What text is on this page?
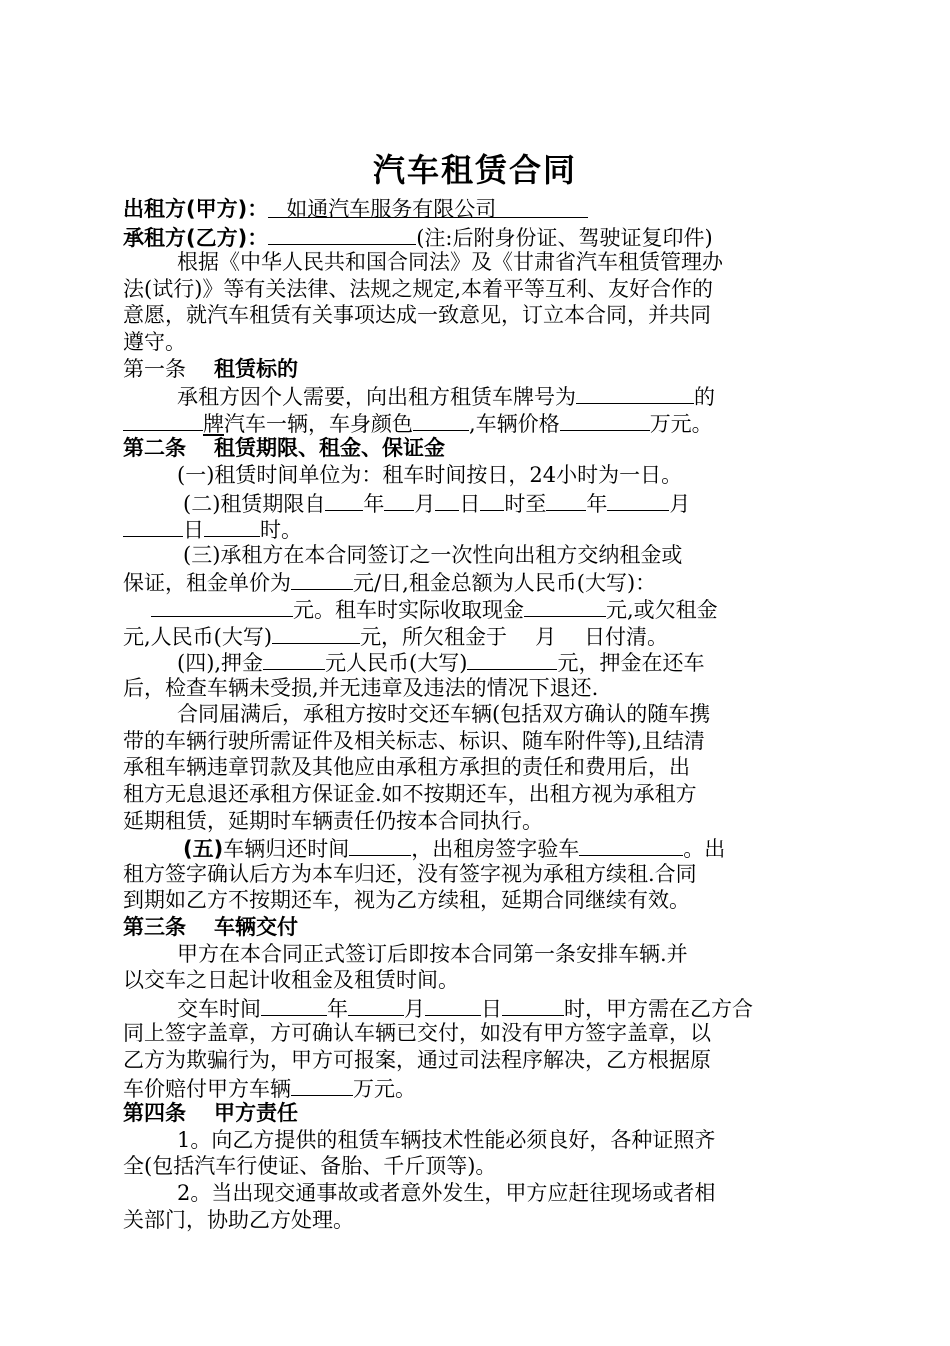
汽车租赁合同
出租方(甲方)： 如通汽车服务有限公司
承租方(乙方)：	(注:后附身份证、驾驶证复印件)
根据《中华人民共和国合同法》及《甘肃省汽车租赁管理办
法(试行)》等有关法律、法规之规定,本着平等互利、友好合作的
意愿，就汽车租赁有关事项达成一致意见，订立本合同，并共同
遵守。
第一条 租赁标的
承租方因个人需要，向出租方租赁车牌号为	的
牌汽车一辆，车身颜色	,车辆价格	万元。
第二条 租赁期限、租金、保证金
(一)租赁时间单位为：租车时间按日，24小时为一日。
(二)租赁期限自 年 月 日 时至 年	月
日	时。
(三)承租方在本合同签订之一次性向出租方交纳租金或
保证，租金单价为	元/日,租金总额为人民币(大写)：
元。租车时实际收取现金	元,或欠租金
元,人民币(大写)	元，所欠租金于 月 日付清。
(四),押金	元人民币(大写)	元，押金在还车
后，检查车辆未受损,并无违章及违法的情况下退还.
合同届满后，承租方按时交还车辆(包括双方确认的随车携
带的车辆行驶所需证件及相关标志、标识、随车附件等),且结清
承租车辆违章罚款及其他应由承租方承担的责任和费用后，出
租方无息退还承租方保证金.如不按期还车，出租方视为承租方
延期租赁，延期时车辆责任仍按本合同执行。
(五)车辆归还时间	，出租房签字验车	。出
租方签字确认后方为本车归还，没有签字视为承租方续租.合同
到期如乙方不按期还车，视为乙方续租，延期合同继续有效。
第三条 车辆交付
甲方在本合同正式签订后即按本合同第一条安排车辆.并
以交车之日起计收租金及租赁时间。
交车时间	年	月	日	时，甲方需在乙方合
同上签字盖章，方可确认车辆已交付，如没有甲方签字盖章，以
乙方为欺骗行为，甲方可报案，通过司法程序解决，乙方根据原
车价赔付甲方车辆	万元。
第四条 甲方责任
1。向乙方提供的租赁车辆技术性能必须良好，各种证照齐
全(包括汽车行使证、备胎、千斤顶等)。
2。当出现交通事故或者意外发生，甲方应赶往现场或者相
关部门，协助乙方处理。
